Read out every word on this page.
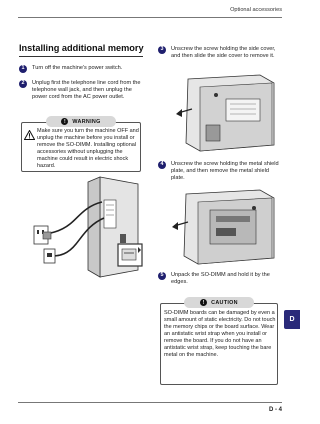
Optional accessories
Installing additional memory
1	Turn off the machine's power switch.
2	Unplug first the telephone line cord from the telephone wall jack, and then unplug the power cord from the AC power outlet.
!	WARNING
Make sure you turn the machine OFF and unplug the machine before you install or remove the SO-DIMM. Installing optional accessories without unplugging the machine could result in electric shock hazard.
3	Unscrew the screw holding the side cover, and then slide the side cover to remove it.
4	Unscrew the screw holding the metal shield plate, and then remove the metal shield plate.
5	Unpack the SO-DIMM and hold it by the edges.
!	CAUTION
SO-DIMM boards can be damaged by even a small amount of static electricity. Do not touch the memory chips or the board surface. Wear an antistatic wrist strap when you install or remove the board. If you do not have an antistatic wrist strap, keep touching the bare metal on the machine.
D
D - 4
